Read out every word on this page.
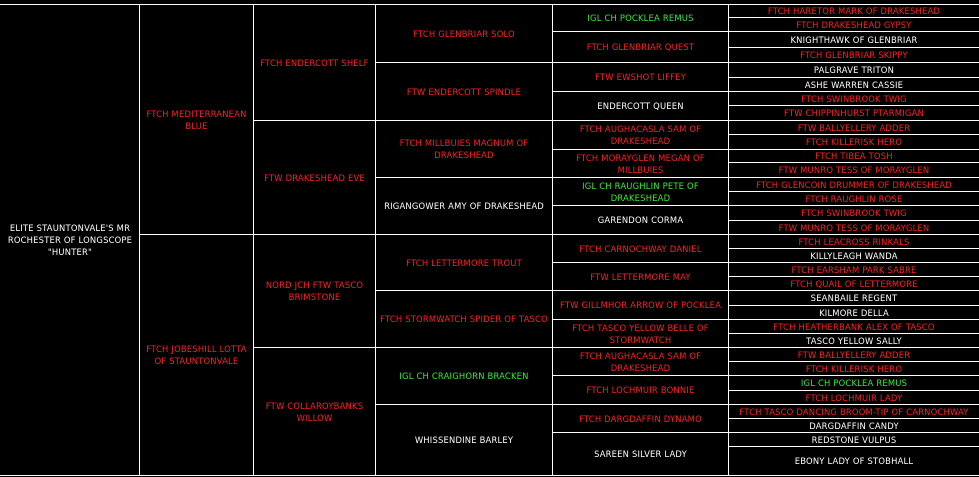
ELITE STAUNTONVALE'S MR ROCHESTER OF LONGSCOPE "HUNTER"
FTCH MEDITERRANEAN BLUE
FTCH JOBESHILL LOTTA OF STAUNTONVALE
FTCH ENDERCOTT SHELF
FTW DRAKESHEAD EVE
NORD JCH FTW TASCO BRIMSTONE
FTW COLLAROYBANKS WILLOW
FTCH GLENBRIAR SOLO
FTW ENDERCOTT SPINDLE
FTCH MILLBUIES MAGNUM OF DRAKESHEAD
RIGANGOWER AMY OF DRAKESHEAD
FTCH LETTERMORE TROUT
FTCH STORMWATCH SPIDER OF TASCO
IGL CH CRAIGHORN BRACKEN
WHISSENDINE BARLEY
IGL CH POCKLEA REMUS
FTCH GLENBRIAR QUEST
FTW EWSHOT LIFFEY
ENDERCOTT QUEEN
FTCH AUGHACASLA SAM OF DRAKESHEAD
FTCH MORAYGLEN MEGAN OF MILLBUIES
IGL CH RAUGHLIN PETE OF DRAKESHEAD
GARENDON CORMA
FTCH CARNOCHWAY DANIEL
FTW LETTERMORE MAY
FTW GILLMHOR ARROW OF POCKLEA
FTCH TASCO YELLOW BELLE OF STORMWATCH
FTCH AUGHACASLA SAM OF DRAKESHEAD
FTCH LOCHMUIR BONNIE
FTCH DARGDAFFIN DYNAMO
SAREEN SILVER LADY
FTCH HARETOR MARK OF DRAKESHEAD
FTCH DRAKESHEAD GYPSY
KNIGHTHAWK OF GLENBRIAR
FTCH GLENBRIAR SKIPPY
PALGRAVE TRITON
ASHE WARREN CASSIE
FTCH SWINBROOK TWIG
FTW CHIPPINHURST PTARMIGAN
FTW BALLYELLERY ADDER
FTCH KILLERISK HERO
FTCH TIBEA TOSH
FTW MUNRO TESS OF MORAYGLEN
FTCH GLENCOIN DRUMMER OF DRAKESHEAD
FTCH RAUGHLIN ROSE
FTCH SWINBROOK TWIG
FTW MUNRO TESS OF MORAYGLEN
FTCH LEACROSS RINKALS
KILLYLEAGH WANDA
FTCH EARSHAM PARK SABRE
FTCH QUAIL OF LETTERMORE
SEANBAILE REGENT
KILMORE DELLA
FTCH HEATHERBANK ALEX OF TASCO
TASCO YELLOW SALLY
FTW BALLYELLERY ADDER
FTCH KILLERISK HERO
IGL CH POCKLEA REMUS
FTCH LOCHMUIR LADY
FTCH TASCO DANCING BROOM-TIP OF CARNOCHWAY
DARGDAFFIN CANDY
REDSTONE VULPUS
EBONY LADY OF STOBHALL
